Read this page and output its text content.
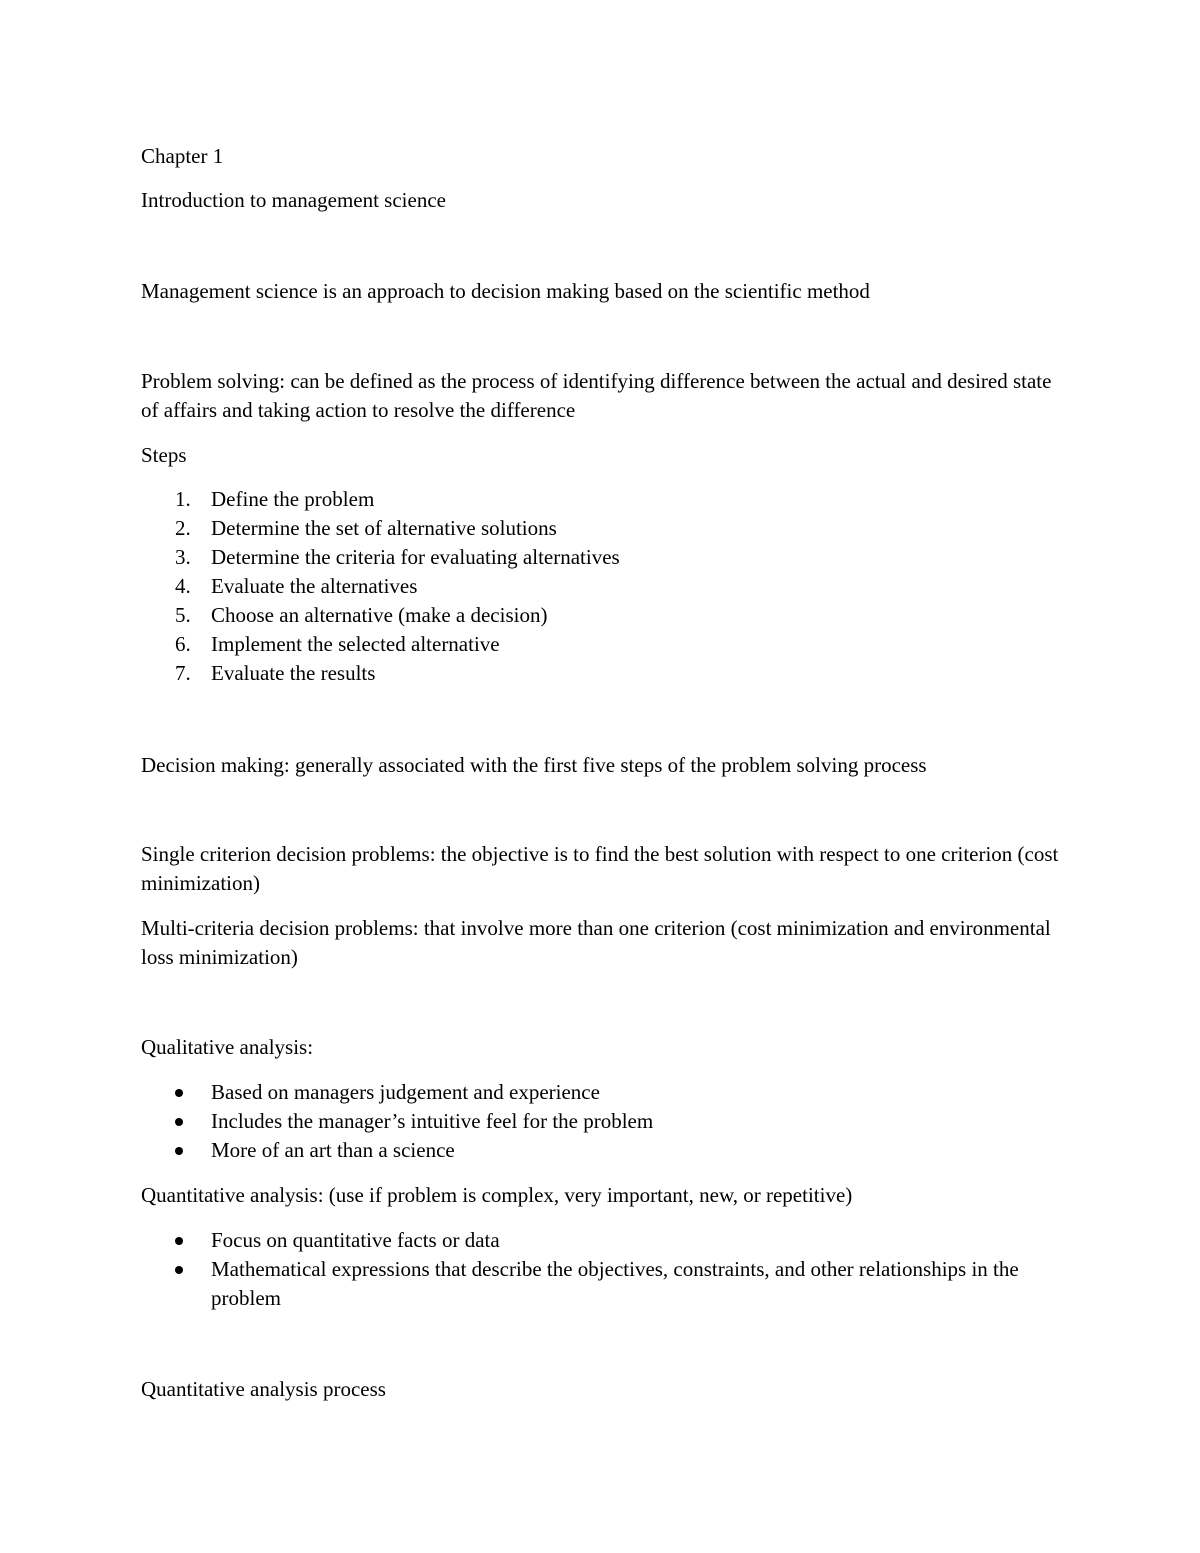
Chapter 1

Introduction to management science

Management science is an approach to decision making based on the scientific method

Problem solving: can be defined as the process of identifying difference between the actual and desired state of affairs and taking action to resolve the difference

Steps

1. Define the problem
2. Determine the set of alternative solutions
3. Determine the criteria for evaluating alternatives
4. Evaluate the alternatives
5. Choose an alternative (make a decision)
6. Implement the selected alternative
7. Evaluate the results

Decision making: generally associated with the first five steps of the problem solving process

Single criterion decision problems: the objective is to find the best solution with respect to one criterion (cost minimization)

Multi-criteria decision problems: that involve more than one criterion (cost minimization and environmental loss minimization)

Qualitative analysis:

Based on managers judgement and experience
Includes the manager’s intuitive feel for the problem
More of an art than a science

Quantitative analysis: (use if problem is complex, very important, new, or repetitive)

Focus on quantitative facts or data
Mathematical expressions that describe the objectives, constraints, and other relationships in the problem

Quantitative analysis process
